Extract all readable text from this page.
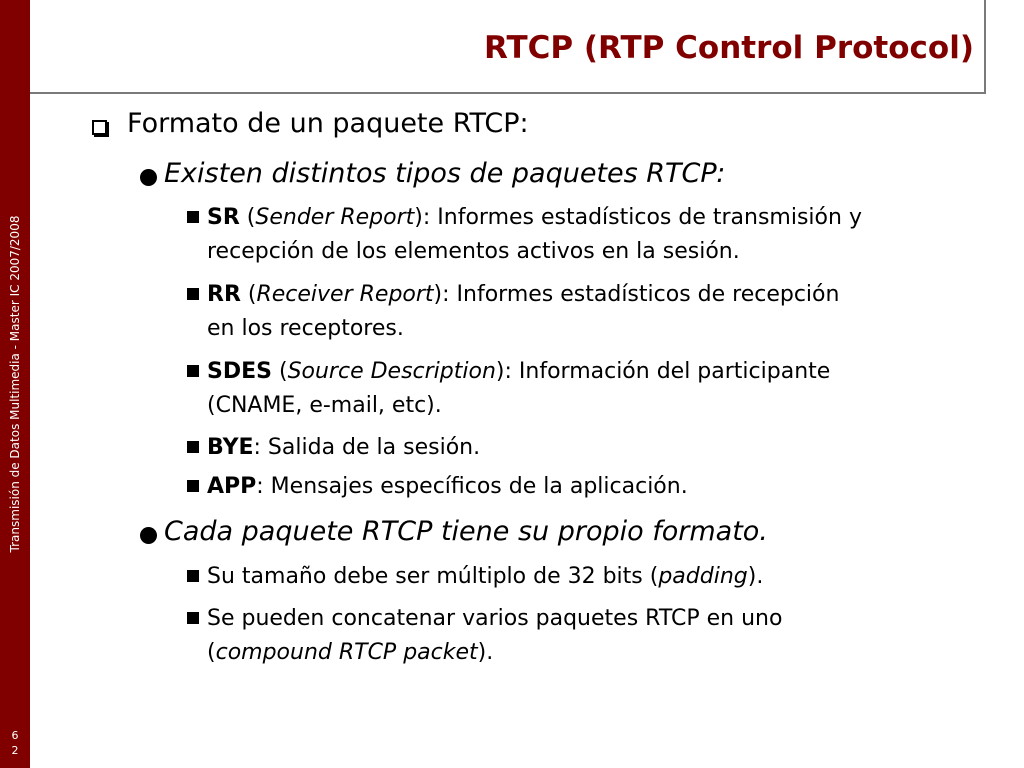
Transmisión de Datos Multimedia - Master IC 2007/2008
6
2
RTCP (RTP Control Protocol)
Formato de un paquete RTCP:
Existen distintos tipos de paquetes RTCP:
SR (Sender Report): Informes estadísticos de transmisión y
recepción de los elementos activos en la sesión.
RR (Receiver Report): Informes estadísticos de recepción
en los receptores.
SDES (Source Description): Información del participante
(CNAME, e-mail, etc).
BYE: Salida de la sesión.
APP: Mensajes específicos de la aplicación.
Cada paquete RTCP tiene su propio formato.
Su tamaño debe ser múltiplo de 32 bits (padding).
Se pueden concatenar varios paquetes RTCP en uno
(compound RTCP packet).
